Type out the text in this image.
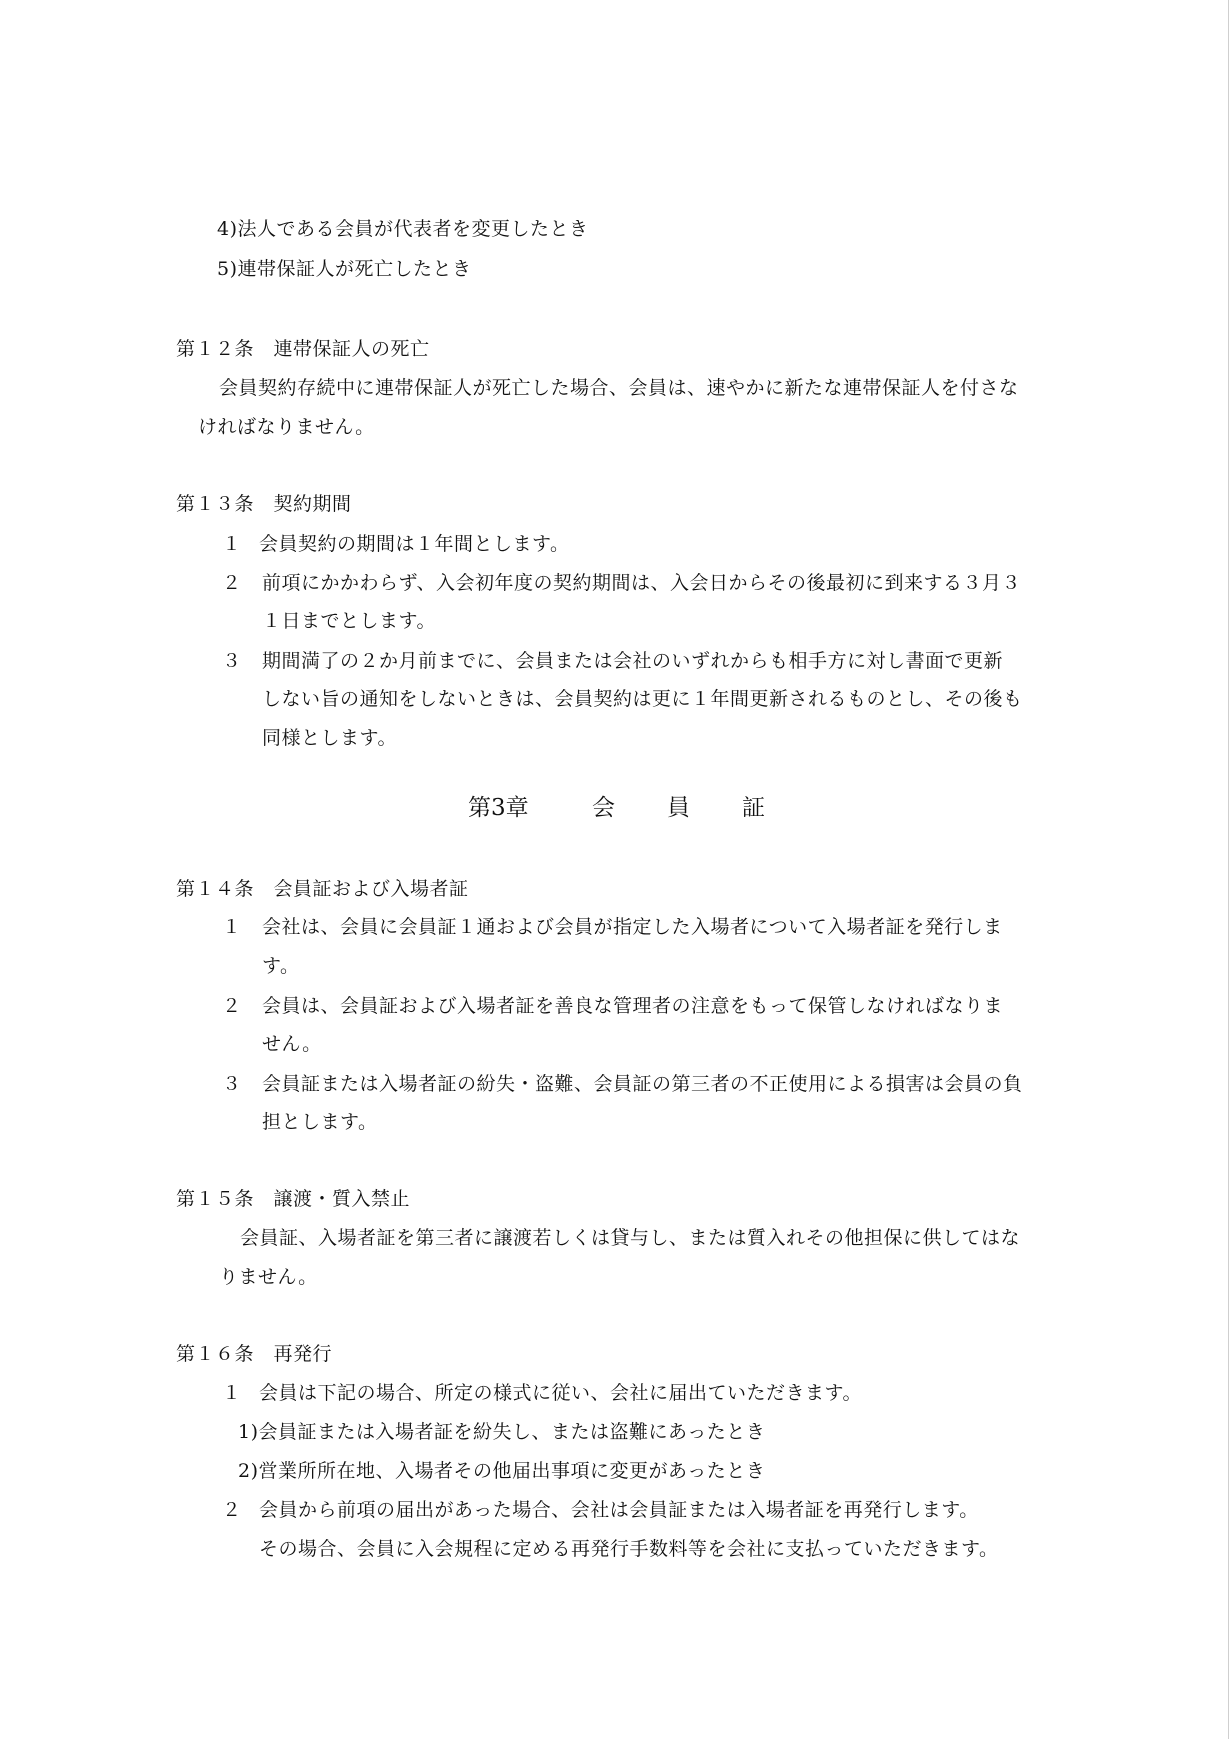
4)法人である会員が代表者を変更したとき
5)連帯保証人が死亡したとき
第１２条　連帯保証人の死亡
会員契約存続中に連帯保証人が死亡した場合、会員は、速やかに新たな連帯保証人を付さな
ければなりません。
第１３条　契約期間
１ 会員契約の期間は１年間とします。
２ 前項にかかわらず、入会初年度の契約期間は、入会日からその後最初に到来する３月３
１日までとします。
３ 期間満了の２か月前までに、会員または会社のいずれからも相手方に対し書面で更新
しない旨の通知をしないときは、会員契約は更に１年間更新されるものとし、その後も
同様とします。
第3章	会 員 証
第１４条　会員証および入場者証
１ 会社は、会員に会員証１通および会員が指定した入場者について入場者証を発行しま
す。
２ 会員は、会員証および入場者証を善良な管理者の注意をもって保管しなければなりま
せん。
３ 会員証または入場者証の紛失・盗難、会員証の第三者の不正使用による損害は会員の負
担とします。
第１５条　譲渡・質入禁止
会員証、入場者証を第三者に譲渡若しくは貸与し、または質入れその他担保に供してはな
りません。
第１６条　再発行
１ 会員は下記の場合、所定の様式に従い、会社に届出ていただきます。
1)会員証または入場者証を紛失し、または盗難にあったとき
2)営業所所在地、入場者その他届出事項に変更があったとき
２ 会員から前項の届出があった場合、会社は会員証または入場者証を再発行します。
その場合、会員に入会規程に定める再発行手数料等を会社に支払っていただきます。
